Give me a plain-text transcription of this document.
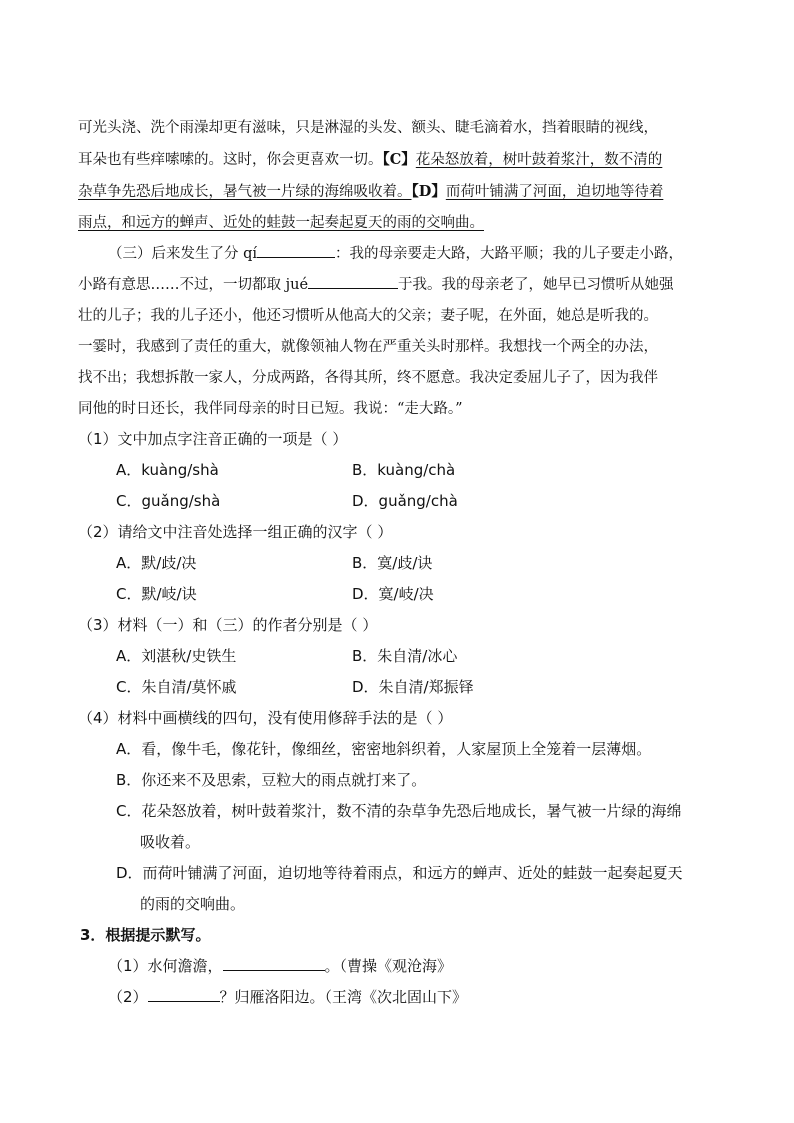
可光头浇、洗个雨澡却更有滋味，只是淋湿的头发、额头、睫毛滴着水，挡着眼睛的视线，
耳朵也有些痒嗦嗦的。这时，你会更喜欢一切。【C】花朵怒放着，树叶鼓着浆汁，数不清的
杂草争先恐后地成长，暑气被一片绿的海绵吸收着。【D】而荷叶铺满了河面，迫切地等待着
雨点，和远方的蝉声、近处的蛙鼓一起奏起夏天的雨的交响曲。
（三）后来发生了分 qí	：我的母亲要走大路，大路平顺；我的儿子要走小路，
小路有意思……不过，一切都取 jué	于我。我的母亲老了，她早已习惯听从她强
壮的儿子；我的儿子还小，他还习惯听从他高大的父亲；妻子呢，在外面，她总是听我的。
一霎时，我感到了责任的重大，就像领袖人物在严重关头时那样。我想找一个两全的办法，
找不出；我想拆散一家人，分成两路，各得其所，终不愿意。我决定委屈儿子了，因为我伴
同他的时日还长，我伴同母亲的时日已短。我说：“走大路。”
（1）文中加点字注音正确的一项是（ ）
A．kuàng/shà	B．kuàng/chà
C．guǎng/shà	D．guǎng/chà
（2）请给文中注音处选择一组正确的汉字（ ）
A．默/歧/决	B．寞/歧/诀
C．默/岐/诀	D．寞/岐/决
（3）材料（一）和（三）的作者分别是（ ）
A．刘湛秋/史铁生	B．朱自清/冰心
C．朱自清/莫怀戚	D．朱自清/郑振铎
（4）材料中画横线的四句，没有使用修辞手法的是（ ）
A．看，像牛毛，像花针，像细丝，密密地斜织着，人家屋顶上全笼着一层薄烟。
B．你还来不及思索，豆粒大的雨点就打来了。
C．花朵怒放着，树叶鼓着浆汁，数不清的杂草争先恐后地成长，暑气被一片绿的海绵
吸收着。
D．而荷叶铺满了河面，迫切地等待着雨点，和远方的蝉声、近处的蛙鼓一起奏起夏天
的雨的交响曲。
3．根据提示默写。
（1）水何澹澹，	。（曹操《观沧海》
（2）	？归雁洛阳边。（王湾《次北固山下》
